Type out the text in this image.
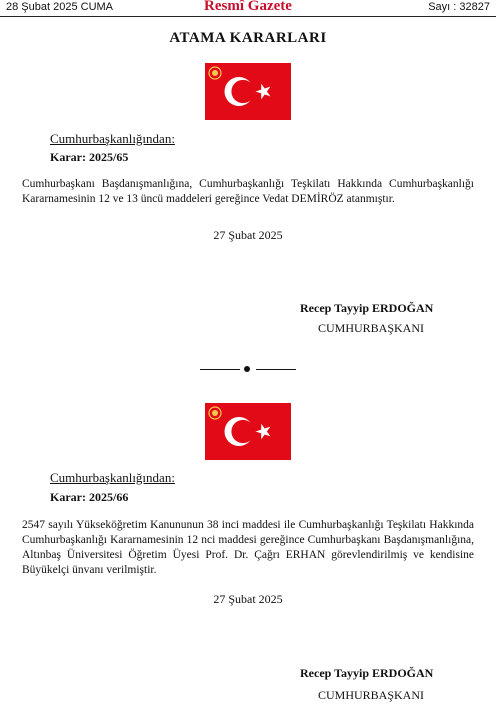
28 Şubat 2025 CUMA	Resmî Gazete	Sayı : 32827
ATAMA KARARLARI
Cumhurbaşkanlığından:
Karar: 2025/65
Cumhurbaşkanı Başdanışmanlığına, Cumhurbaşkanlığı Teşkilatı Hakkında Cumhurbaşkanlığı Kararnamesinin 12 ve 13 üncü maddeleri gereğince Vedat DEMİRÖZ atanmıştır.
27 Şubat 2025
Recep Tayyip ERDOĞAN
CUMHURBAŞKANI
Cumhurbaşkanlığından:
Karar: 2025/66
2547 sayılı Yükseköğretim Kanununun 38 inci maddesi ile Cumhurbaşkanlığı Teşkilatı Hakkında Cumhurbaşkanlığı Kararnamesinin 12 nci maddesi gereğince Cumhurbaşkanı Başdanışmanlığına, Altınbaş Üniversitesi Öğretim Üyesi Prof. Dr. Çağrı ERHAN görevlendirilmiş ve kendisine Büyükelçi ünvanı verilmiştir.
27 Şubat 2025
Recep Tayyip ERDOĞAN
CUMHURBAŞKANI
